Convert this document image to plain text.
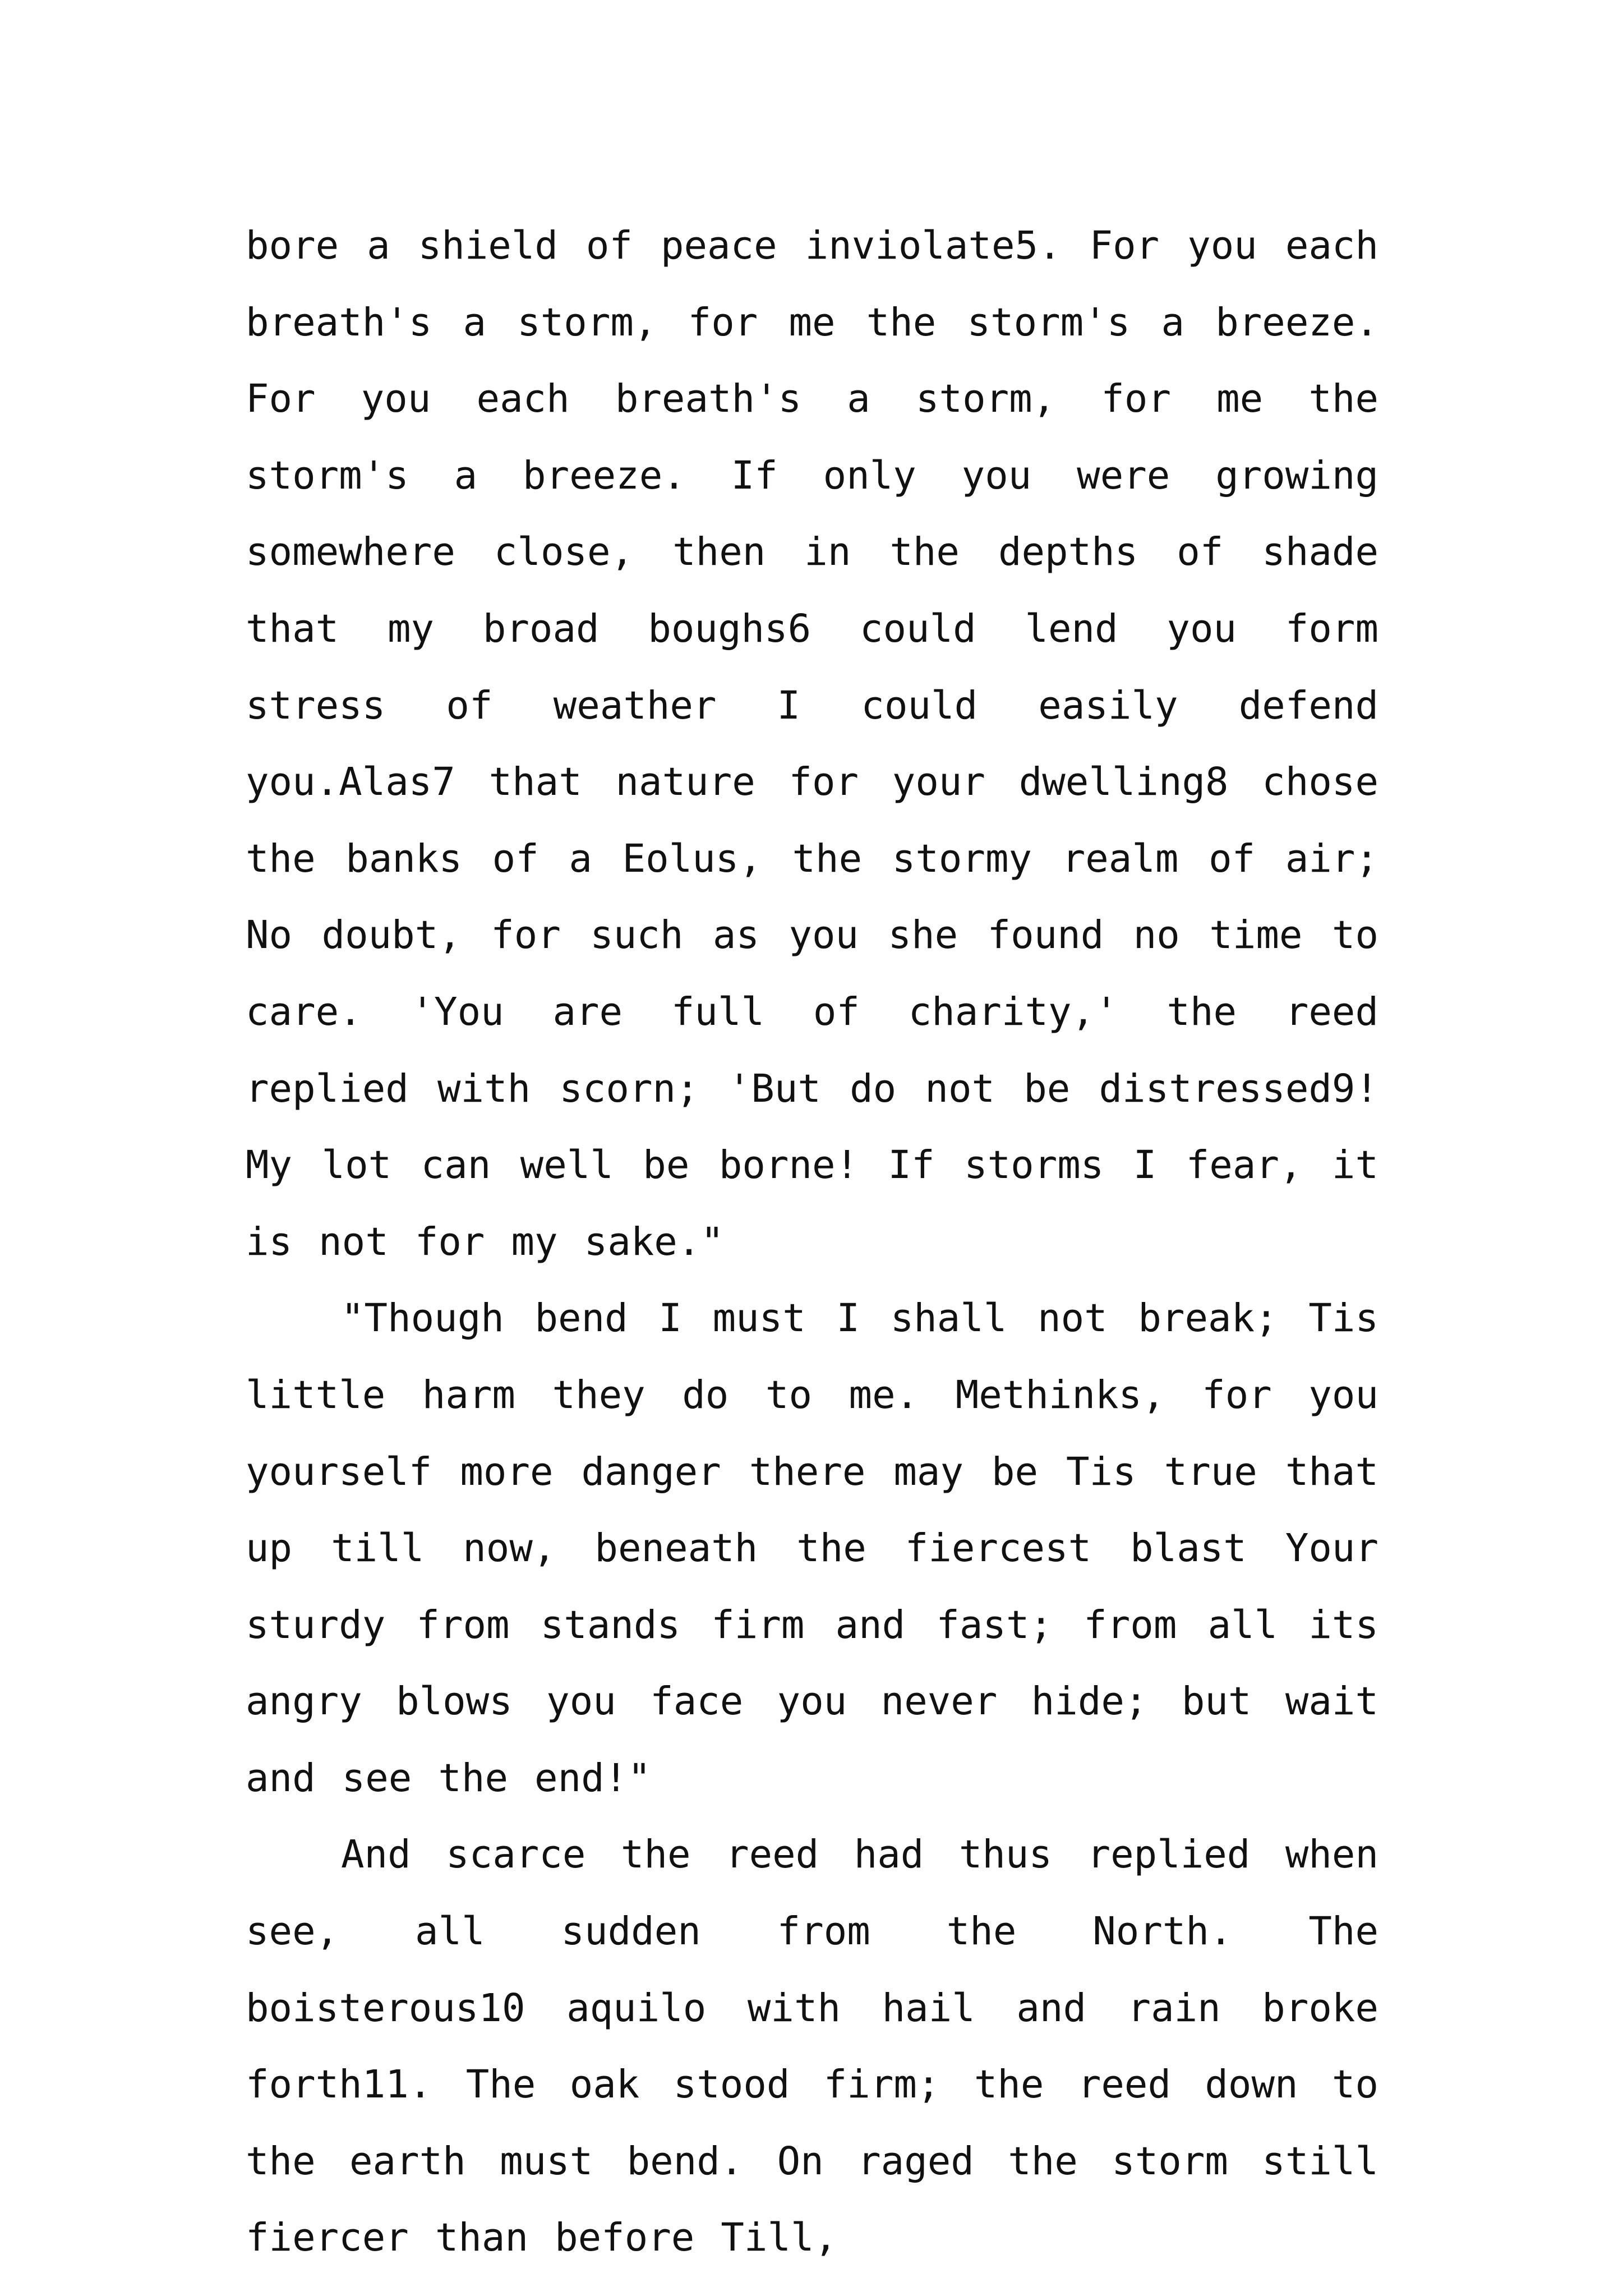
bore a shield of peace inviolate5. For you each breath's a storm, for me the storm's a breeze. For you each breath's a storm, for me the storm's a breeze. If only you were growing somewhere close, then in the depths of shade that my broad boughs6 could lend you form stress of weather I could easily defend you.Alas7 that nature for your dwelling8 chose the banks of a Eolus, the stormy realm of air; No doubt, for such as you she found no time to care. 'You are full of charity,' the reed replied with scorn; 'But do not be distressed9! My lot can well be borne! If storms I fear, it is not for my sake."

"Though bend I must I shall not break; Tis little harm they do to me. Methinks, for you yourself more danger there may be Tis true that up till now, beneath the fiercest blast Your sturdy from stands firm and fast; from all its angry blows you face you never hide; but wait and see the end!"

And scarce the reed had thus replied when see, all sudden from the North. The boisterous10 aquilo with hail and rain broke forth11. The oak stood firm; the reed down to the earth must bend. On raged the storm still fiercer than before Till,
